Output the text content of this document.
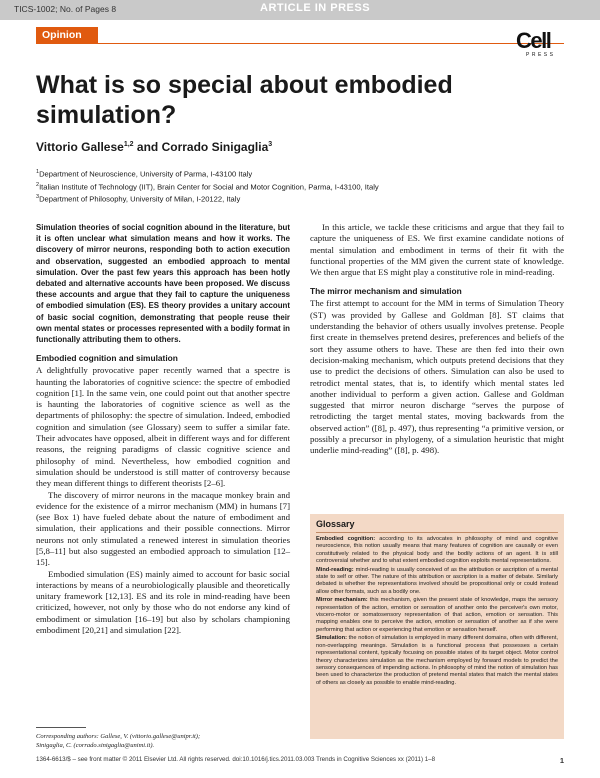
TICS-1002; No. of Pages 8	ARTICLE IN PRESS
Opinion	Cell
PRESS
What is so special about embodied simulation?
Vittorio Gallese$^{1,2}$ and Corrado Sinigaglia$^3$
$^1$Department of Neuroscience, University of Parma, I-43100 Italy
$^2$Italian Institute of Technology (IIT), Brain Center for Social and Motor Cognition, Parma, I-43100, Italy
$^3$Department of Philosophy, University of Milan, I-20122, Italy

Simulation theories of social cognition abound in the literature, but it is often unclear what simulation means and how it works. The discovery of mirror neurons, responding both to action execution and observation, suggested an embodied approach to mental simulation. Over the past few years this approach has been hotly debated and alternative accounts have been proposed. We discuss these accounts and argue that they fail to capture the uniqueness of embodied simulation (ES). ES theory provides a unitary account of basic social cognition, demonstrating that people reuse their own mental states or processes represented with a bodily format in functionally attributing them to others.

Embodied cognition and simulation

A delightfully provocative paper recently warned that a spectre is haunting the laboratories of cognitive science: the spectre of embodied cognition [1]. In the same vein, one could point out that another spectre is haunting the laboratories of cognitive science as well as the departments of philosophy: the spectre of simulation. Indeed, embodied cognition and simulation (see Glossary) seem to suffer a similar fate. Their advocates have opposed, albeit in different ways and for different reasons, the reigning paradigms of classic cognitive science and philosophy of mind. Nevertheless, how embodied cognition and simulation should be understood is still matter of controversy because they mean different things to different theorists [2–6].

The discovery of mirror neurons in the macaque monkey brain and evidence for the existence of a mirror mechanism (MM) in humans [7] (see Box 1) have fueled debate about the nature of embodiment and simulation, their applications and their possible connections. Mirror neurons not only stimulated a renewed interest in simulation theories [5,8–11] but also suggested an embodied approach to simulation [12–15].

Embodied simulation (ES) mainly aimed to account for basic social interactions by means of a neurobiologically plausible and theoretically unitary framework [12,13]. ES and its role in mind-reading have been criticized, however, not only by those who do not endorse any kind of embodiment or simulation [16–19] but also by scholars championing embodiment [20,21] and simulation [22].

In this article, we tackle these criticisms and argue that they fail to capture the uniqueness of ES. We first examine candidate notions of mental simulation and embodiment in terms of their fit with the functional properties of the MM given the current state of knowledge. We then argue that ES might play a constitutive role in mind-reading.

The mirror mechanism and simulation

The first attempt to account for the MM in terms of Simulation Theory (ST) was provided by Gallese and Goldman [8]. ST claims that understanding the behavior of others usually involves pretense. People first create in themselves pretend desires, preferences and beliefs of the sort they assume others to have. These are then fed into their own decision-making mechanism, which outputs pretend decisions that they use to predict the decisions of others. Simulation can also be used to retrodict mental states, that is, to identify which mental states led another individual to perform a given action. Gallese and Goldman suggested that mirror neuron discharge “serves the purpose of retrodicting the target mental states, moving backwards from the observed action” ([8], p. 497), thus representing “a primitive version, or possibly a precursor in phylogeny, of a simulation heuristic that might underlie mind-reading” ([8], p. 498).

Glossary

Embodied cognition: according to its advocates in philosophy of mind and cognitive neuroscience, this notion usually means that many features of cognition are causally or even constitutively related to the physical body and the bodily actions of an agent. It is still controversial whether and to what extent embodied cognition exploits mental representations.

Mind-reading: mind-reading is usually conceived of as the attribution or ascription of a mental state to self or other. The nature of this attribution or ascription is a matter of debate. Similarly debated is whether the representations involved should be propositional only or could instead allow other formats, such as a bodily one.

Mirror mechanism: this mechanism, given the present state of knowledge, maps the sensory representation of the action, emotion or sensation of another onto the perceiver's own motor, viscero-motor or somatosensory representation of that action, emotion or sensation. This mapping enables one to perceive the action, emotion or sensation of another as if she were performing that action or experiencing that emotion or sensation herself.

Simulation: the notion of simulation is employed in many different domains, often with different, non-overlapping meanings. Simulation is a functional process that possesses a certain representational content, typically focusing on possible states of its target object. Motor control theory characterizes simulation as the mechanism employed by forward models to predict the sensory consequences of impending actions. In philosophy of mind the notion of simulation has been used to characterize the production of pretend mental states that match the mental states of others as closely as possible to enable mind-reading.

Corresponding authors: Gallese, V. (vittorio.gallese@unipr.it);
Sinigaglia, C. (corrado.sinigaglia@unimi.it).
1364-6613/$ – see front matter © 2011 Elsevier Ltd. All rights reserved. doi:10.1016/j.tics.2011.03.003 Trends in Cognitive Sciences xx (2011) 1–8	1
